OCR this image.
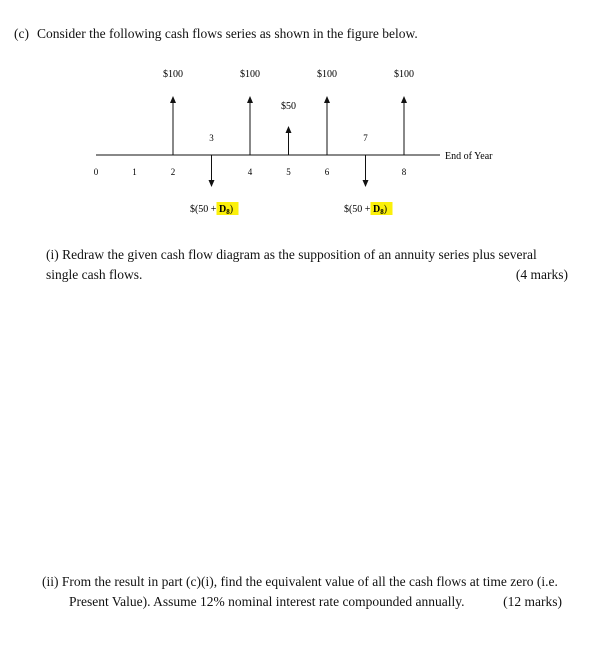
(c) Consider the following cash flows series as shown in the figure below.
End of Year
0	1	2
3
4	5	6
7
8
$100
$(50 + $D_8$)
$100
$50
$100
$(50 + $D_8$)
$100
(i) Redraw the given cash flow diagram as the supposition of an annuity series plus several
single cash flows.	(4 marks)
(ii) From the result in part (c)(i), find the equivalent value of all the cash flows at time zero (i.e.
Present Value). Assume 12% nominal interest rate compounded annually.	(12 marks)
